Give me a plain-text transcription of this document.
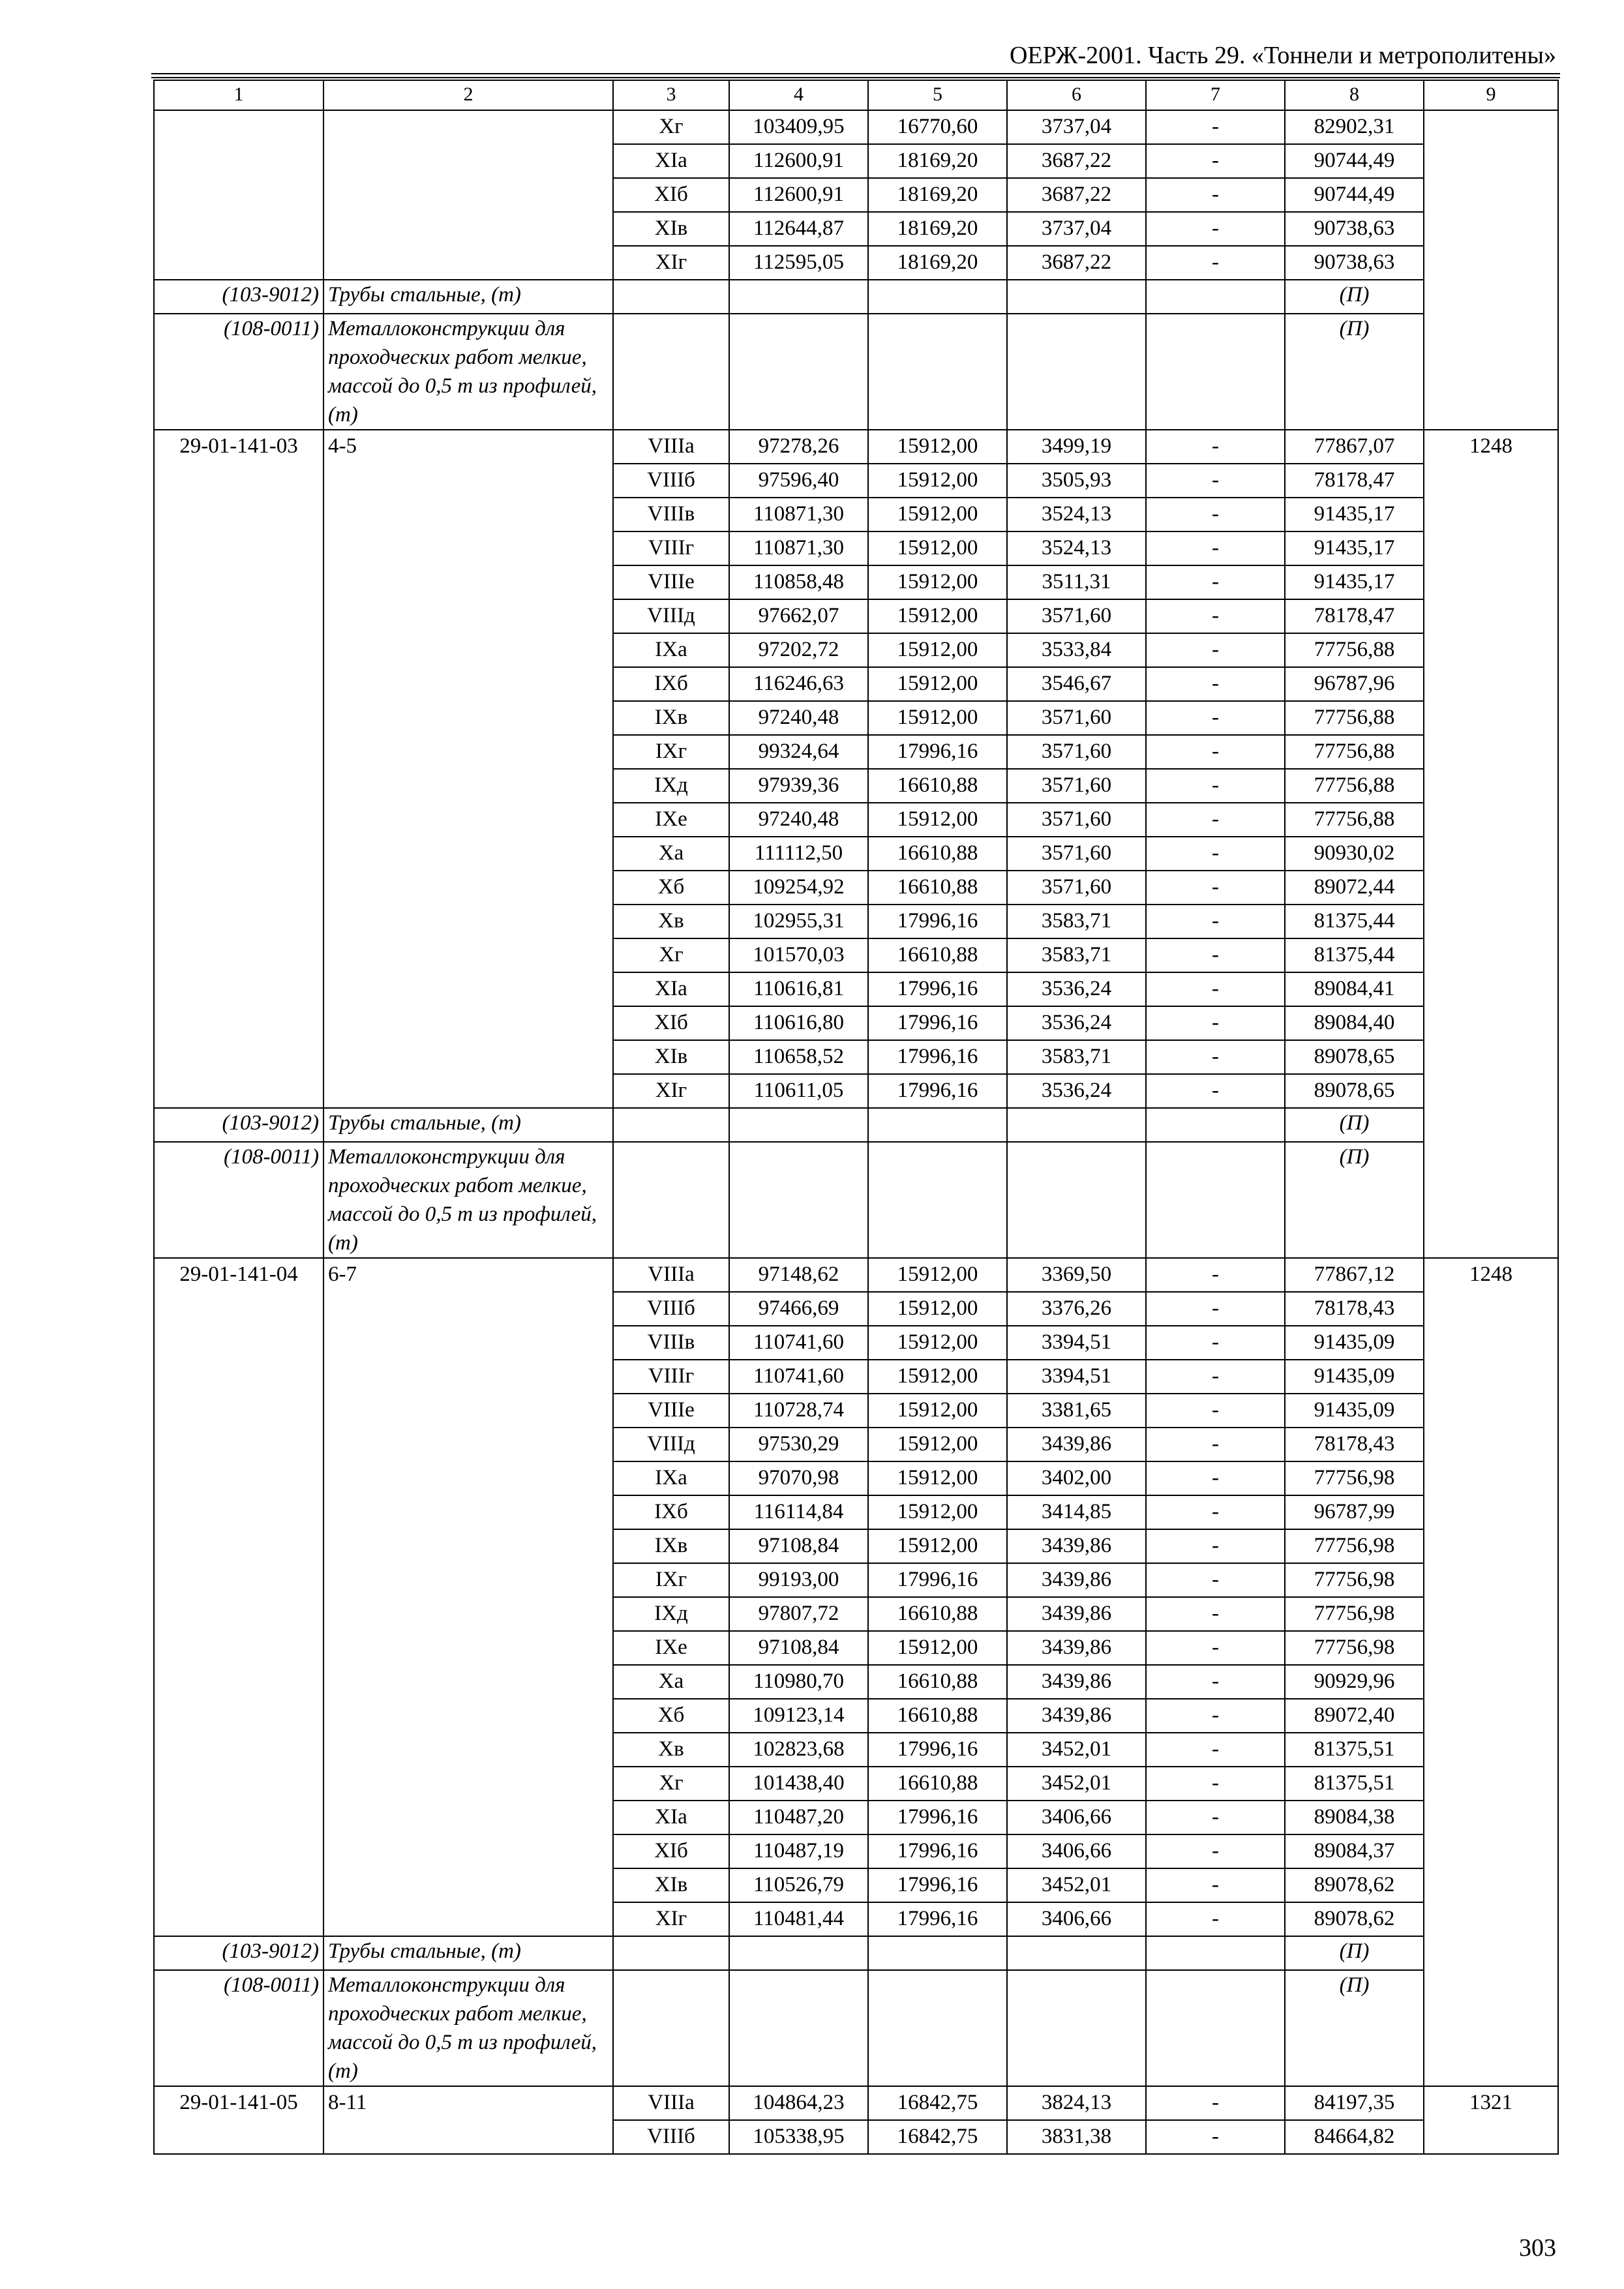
ОЕРЖ-2001. Часть 29. «Тоннели и метрополитены»
1	2	3	4	5	6	7	8	9
		Хг	103409,95	16770,60	3737,04	-	82902,31	
		ХIа	112600,91	18169,20	3687,22	-	90744,49	
		ХIб	112600,91	18169,20	3687,22	-	90744,49	
		ХIв	112644,87	18169,20	3737,04	-	90738,63	
		ХIг	112595,05	18169,20	3687,22	-	90738,63	
(103-9012)	Трубы стальные, (т)						(П)	
(108-0011)	Металлоконструкции для проходческих работ мелкие, массой до 0,5 т из профилей, (т)						(П)	
29-01-141-03	4-5	VIIIа	97278,26	15912,00	3499,19	-	77867,07	1248
		VIIIб	97596,40	15912,00	3505,93	-	78178,47	
		VIIIв	110871,30	15912,00	3524,13	-	91435,17	
		VIIIг	110871,30	15912,00	3524,13	-	91435,17	
		VIIIе	110858,48	15912,00	3511,31	-	91435,17	
		VIIIд	97662,07	15912,00	3571,60	-	78178,47	
		IХа	97202,72	15912,00	3533,84	-	77756,88	
		IХб	116246,63	15912,00	3546,67	-	96787,96	
		IХв	97240,48	15912,00	3571,60	-	77756,88	
		IХг	99324,64	17996,16	3571,60	-	77756,88	
		IХд	97939,36	16610,88	3571,60	-	77756,88	
		IХе	97240,48	15912,00	3571,60	-	77756,88	
		Ха	111112,50	16610,88	3571,60	-	90930,02	
		Хб	109254,92	16610,88	3571,60	-	89072,44	
		Хв	102955,31	17996,16	3583,71	-	81375,44	
		Хг	101570,03	16610,88	3583,71	-	81375,44	
		ХIа	110616,81	17996,16	3536,24	-	89084,41	
		ХIб	110616,80	17996,16	3536,24	-	89084,40	
		ХIв	110658,52	17996,16	3583,71	-	89078,65	
		ХIг	110611,05	17996,16	3536,24	-	89078,65	
(103-9012)	Трубы стальные, (т)						(П)	
(108-0011)	Металлоконструкции для проходческих работ мелкие, массой до 0,5 т из профилей, (т)						(П)	
29-01-141-04	6-7	VIIIа	97148,62	15912,00	3369,50	-	77867,12	1248
		VIIIб	97466,69	15912,00	3376,26	-	78178,43	
		VIIIв	110741,60	15912,00	3394,51	-	91435,09	
		VIIIг	110741,60	15912,00	3394,51	-	91435,09	
		VIIIе	110728,74	15912,00	3381,65	-	91435,09	
		VIIIд	97530,29	15912,00	3439,86	-	78178,43	
		IХа	97070,98	15912,00	3402,00	-	77756,98	
		IХб	116114,84	15912,00	3414,85	-	96787,99	
		IХв	97108,84	15912,00	3439,86	-	77756,98	
		IХг	99193,00	17996,16	3439,86	-	77756,98	
		IХд	97807,72	16610,88	3439,86	-	77756,98	
		IХе	97108,84	15912,00	3439,86	-	77756,98	
		Ха	110980,70	16610,88	3439,86	-	90929,96	
		Хб	109123,14	16610,88	3439,86	-	89072,40	
		Хв	102823,68	17996,16	3452,01	-	81375,51	
		Хг	101438,40	16610,88	3452,01	-	81375,51	
		ХIа	110487,20	17996,16	3406,66	-	89084,38	
		ХIб	110487,19	17996,16	3406,66	-	89084,37	
		ХIв	110526,79	17996,16	3452,01	-	89078,62	
		ХIг	110481,44	17996,16	3406,66	-	89078,62	
(103-9012)	Трубы стальные, (т)						(П)	
(108-0011)	Металлоконструкции для проходческих работ мелкие, массой до 0,5 т из профилей, (т)						(П)	
29-01-141-05	8-11	VIIIа	104864,23	16842,75	3824,13	-	84197,35	1321
		VIIIб	105338,95	16842,75	3831,38	-	84664,82	
303
